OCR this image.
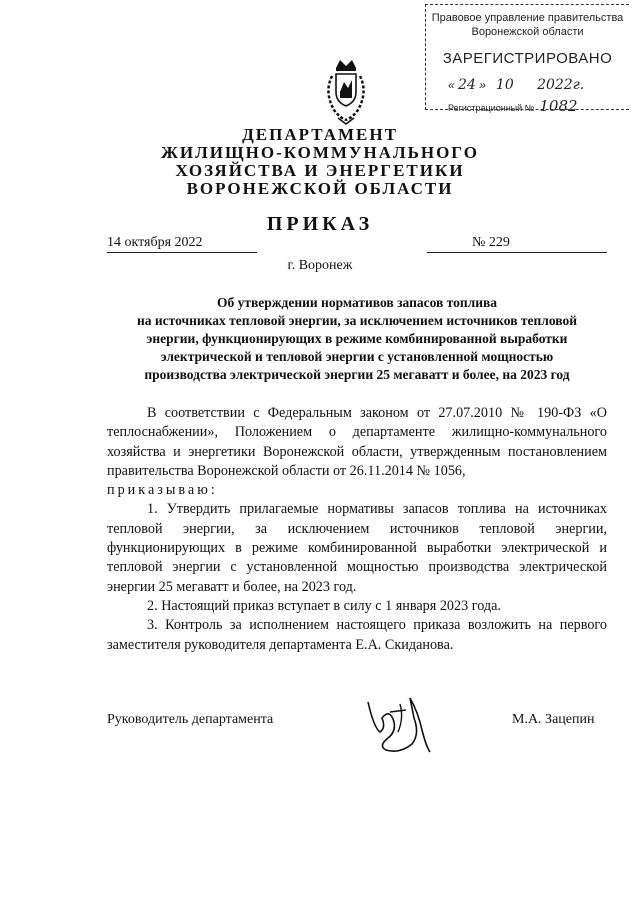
Правовое управление правительства
Воронежской области
ЗАРЕГИСТРИРОВАНО
« 24 » 10 2022г.
Регистрационный № 1082
ДЕПАРТАМЕНТ
ЖИЛИЩНО-КОММУНАЛЬНОГО
ХОЗЯЙСТВА И ЭНЕРГЕТИКИ
ВОРОНЕЖСКОЙ ОБЛАСТИ
ПРИКАЗ
14 октября 2022	№ 229
г. Воронеж
Об утверждении нормативов запасов топлива
на источниках тепловой энергии, за исключением источников тепловой
энергии, функционирующих в режиме комбинированной выработки
электрической и тепловой энергии с установленной мощностью
производства электрической энергии 25 мегаватт и более, на 2023 год

В соответствии с Федеральным законом от 27.07.2010 № 190-ФЗ «О теплоснабжении», Положением о департаменте жилищно-коммунального хозяйства и энергетики Воронежской области, утвержденным постановлением правительства Воронежской области от 26.11.2014 № 1056,

приказываю:

1. Утвердить прилагаемые нормативы запасов топлива на источниках тепловой энергии, за исключением источников тепловой энергии, функционирующих в режиме комбинированной выработки электрической и тепловой энергии с установленной мощностью производства электрической энергии 25 мегаватт и более, на 2023 год.

2. Настоящий приказ вступает в силу с 1 января 2023 года.

3. Контроль за исполнением настоящего приказа возложить на первого заместителя руководителя департамента Е.А. Скиданова.

Руководитель департамента	М.А. Зацепин
